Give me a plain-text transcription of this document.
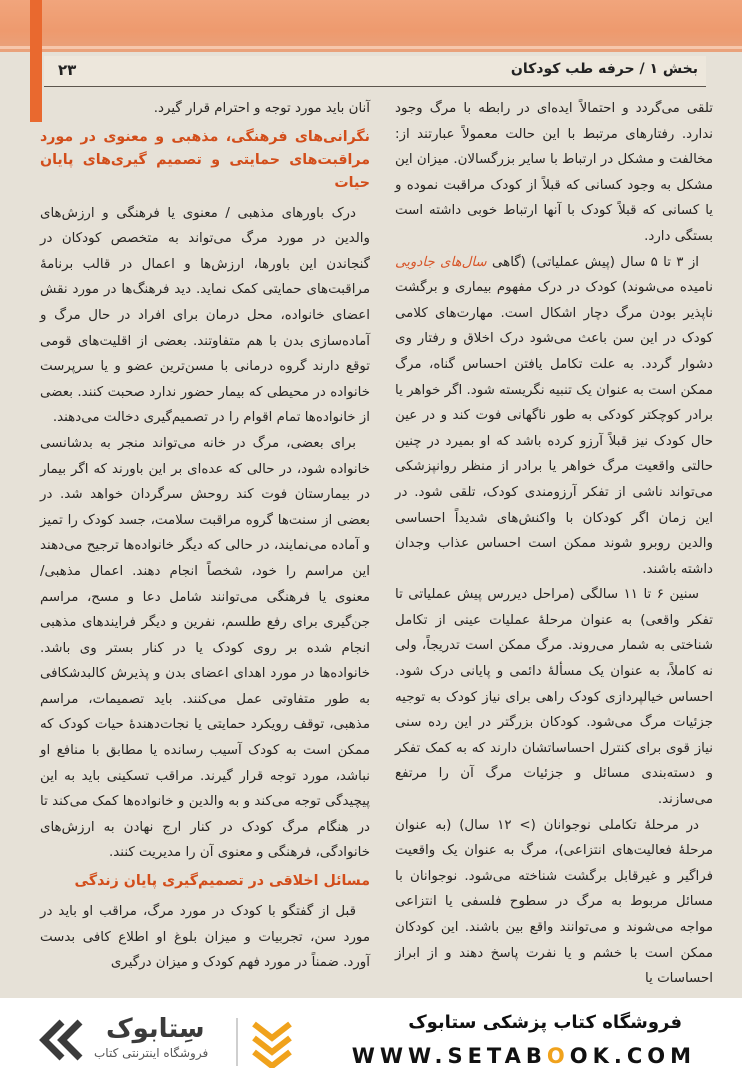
بخش ۱ / حرفه طب کودکان
۲۳

تلقی می‌گردد و احتمالاً ایده‌ای در رابطه با مرگ وجود ندارد. رفتارهای مرتبط با این حالت معمولاً عبارتند از: مخالفت و مشکل در ارتباط با سایر بزرگسالان. میزان این مشکل به وجود کسانی که قبلاً از کودک مراقبت نموده و یا کسانی که قبلاً کودک با آنها ارتباط خوبی داشته است بستگی دارد.

از ۳ تا ۵ سال (پیش عملیاتی) (گاهی سال‌های جادویی نامیده می‌شوند) کودک در درک مفهوم بیماری و برگشت ناپذیر بودن مرگ دچار اشکال است. مهارت‌های کلامی کودک در این سن باعث می‌شود درک اخلاق و رفتار وی دشوار گردد. به علت تکامل یافتن احساس گناه، مرگ ممکن است به عنوان یک تنبیه نگریسته شود. اگر خواهر یا برادر کوچکتر کودکی به طور ناگهانی فوت کند و در عین حال کودک نیز قبلاً آرزو کرده باشد که او بمیرد در چنین حالتی واقعیت مرگ خواهر یا برادر از منظر روانپزشکی می‌تواند ناشی از تفکر آرزومندی کودک، تلقی شود. در این زمان اگر کودکان با واکنش‌های شدیداً احساسی والدین روبرو شوند ممکن است احساس عذاب وجدان داشته باشند.

سنین ۶ تا ۱۱ سالگی (مراحل دیررس پیش عملیاتی تا تفکر واقعی) به عنوان مرحلهٔ عملیات عینی از تکامل شناختی به شمار می‌روند. مرگ ممکن است تدریجاً، ولی نه کاملاً، به عنوان یک مسألهٔ دائمی و پایانی درک شود. احساس خیالپردازی کودک راهی برای نیاز کودک به توجیه جزئیات مرگ می‌شود. کودکان بزرگتر در این رده سنی نیاز قوی برای کنترل احساساتشان دارند که به کمک تفکر و دسته‌بندی مسائل و جزئیات مرگ آن را مرتفع می‌سازند.

در مرحلهٔ تکاملی نوجوانان (> ۱۲ سال) (به عنوان مرحلهٔ فعالیت‌های انتزاعی)، مرگ به عنوان یک واقعیت فراگیر و غیرقابل برگشت شناخته می‌شود. نوجوانان با مسائل مربوط به مرگ در سطوح فلسفی یا انتزاعی مواجه می‌شوند و می‌توانند واقع بین باشند. این کودکان ممکن است با خشم و یا نفرت پاسخ دهند و از ابراز احساسات یا

آنان باید مورد توجه و احترام قرار گیرد.

نگرانی‌های فرهنگی، مذهبی و معنوی در مورد مراقبت‌های حمایتی و تصمیم گیری‌های پایان حیات

درک باورهای مذهبی / معنوی یا فرهنگی و ارزش‌های والدین در مورد مرگ می‌تواند به متخصص کودکان در گنجاندن این باورها، ارزش‌ها و اعمال در قالب برنامهٔ مراقبت‌های حمایتی کمک نماید. دید فرهنگ‌ها در مورد نقش اعضای خانواده، محل درمان برای افراد در حال مرگ و آماده‌سازی بدن با هم متفاوتند. بعضی از اقلیت‌های قومی توقع دارند گروه درمانی با مسن‌ترین عضو و یا سرپرست خانواده در محیطی که بیمار حضور ندارد صحبت کنند. بعضی از خانواده‌ها تمام اقوام را در تصمیم‌گیری دخالت می‌دهند.

برای بعضی، مرگ در خانه می‌تواند منجر به بدشانسی خانواده شود، در حالی که عده‌ای بر این باورند که اگر بیمار در بیمارستان فوت کند روحش سرگردان خواهد شد. در بعضی از سنت‌ها گروه مراقبت سلامت، جسد کودک را تمیز و آماده می‌نمایند، در حالی که دیگر خانواده‌ها ترجیح می‌دهند این مراسم را خود، شخصاً انجام دهند. اعمال مذهبی/ معنوی یا فرهنگی می‌توانند شامل دعا و مسح، مراسم جن‌گیری برای رفع طلسم، نفرین و دیگر فرایندهای مذهبی انجام شده بر روی کودک یا در کنار بستر وی باشد. خانواده‌ها در مورد اهدای اعضای بدن و پذیرش کالبدشکافی به طور متفاوتی عمل می‌کنند. باید تصمیمات، مراسم مذهبی، توقف رویکرد حمایتی یا نجات‌دهندهٔ حیات کودک که ممکن است به کودک آسیب رسانده یا مطابق با منافع او نباشد، مورد توجه قرار گیرند. مراقب تسکینی باید به این پیچیدگی توجه می‌کند و به والدین و خانواده‌ها کمک می‌کند تا در هنگام مرگ کودک در کنار ارج نهادن به ارزش‌های خانوادگی، فرهنگی و معنوی آن را مدیریت کنند.

مسائل اخلاقی در تصمیم‌گیری پایان زندگی

قبل از گفتگو با کودک در مورد مرگ، مراقب او باید در مورد سن، تجربیات و میزان بلوغ او اطلاع کافی بدست آورد. ضمناً در مورد فهم کودک و میزان درگیری

سِتابوک
فروشگاه اینترنتی کتاب
فروشگاه کتاب پزشکی ستابوک
WWW.SETABOOK.COM
